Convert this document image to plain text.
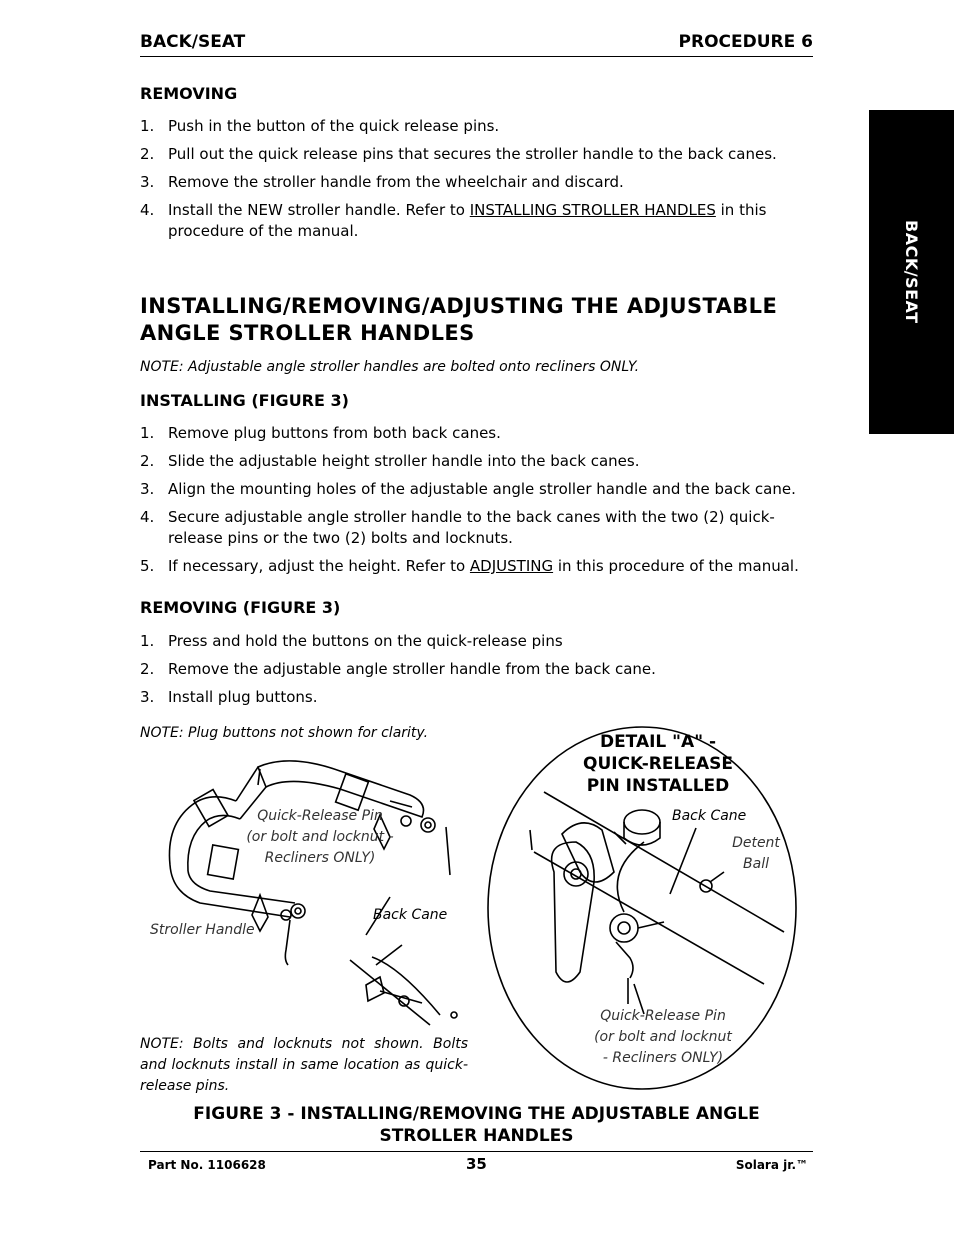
BACK/SEAT	PROCEDURE 6
BACK/SEAT
REMOVING
1. Push in the button of the quick release pins.
2. Pull out the quick release pins that secures the stroller handle to the back canes.
3. Remove the stroller handle from the wheelchair and discard.
4. Install the NEW stroller handle. Refer to INSTALLING STROLLER HANDLES in this procedure of the manual.
INSTALLING/REMOVING/ADJUSTING THE ADJUSTABLE ANGLE STROLLER HANDLES
NOTE: Adjustable angle stroller handles are bolted onto recliners ONLY.
INSTALLING (FIGURE 3)
1. Remove plug buttons from both back canes.
2. Slide the adjustable height stroller handle into the back canes.
3. Align the mounting holes of the adjustable angle stroller handle and the back cane.
4. Secure adjustable angle stroller handle to the back canes with the two (2) quick-release pins or the two (2) bolts and locknuts.
5. If necessary, adjust the height. Refer to ADJUSTING in this procedure of the manual.
REMOVING (FIGURE 3)
1. Press and hold the buttons on the quick-release pins
2. Remove the adjustable angle stroller handle from the back cane.
3. Install plug buttons.
NOTE: Plug buttons not shown for clarity.
Quick-Release Pin
(or bolt and locknut -
Recliners ONLY)
Stroller Handle
Back Cane
DETAIL "A" -
QUICK-RELEASE
PIN INSTALLED
Back Cane
Detent
Ball
Quick-Release Pin
(or bolt and locknut
- Recliners ONLY)
NOTE: Bolts and locknuts not shown. Bolts and locknuts install in same location as quick-release pins.
FIGURE 3 - INSTALLING/REMOVING THE ADJUSTABLE ANGLE
STROLLER HANDLES
Part No. 1106628	35	Solara jr.™
